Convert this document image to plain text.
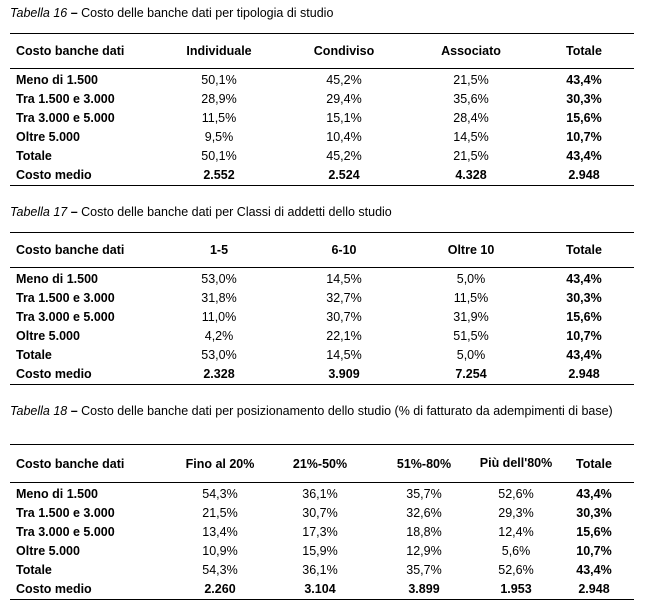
Tabella 16 – Costo delle banche dati per tipologia di studio
Costo banche dati	Individuale	Condiviso	Associato	Totale
Meno di 1.500	50,1%	45,2%	21,5%	43,4%
Tra 1.500 e 3.000	28,9%	29,4%	35,6%	30,3%
Tra 3.000 e 5.000	11,5%	15,1%	28,4%	15,6%
Oltre 5.000	9,5%	10,4%	14,5%	10,7%
Totale	50,1%	45,2%	21,5%	43,4%
Costo medio	2.552	2.524	4.328	2.948
Tabella 17 – Costo delle banche dati per Classi di addetti dello studio
Costo banche dati	1-5	6-10	Oltre 10	Totale
Meno di 1.500	53,0%	14,5%	5,0%	43,4%
Tra 1.500 e 3.000	31,8%	32,7%	11,5%	30,3%
Tra 3.000 e 5.000	11,0%	30,7%	31,9%	15,6%
Oltre 5.000	4,2%	22,1%	51,5%	10,7%
Totale	53,0%	14,5%	5,0%	43,4%
Costo medio	2.328	3.909	7.254	2.948
Tabella 18 – Costo delle banche dati per posizionamento dello studio (% di fatturato da adempimenti di base)
Costo banche dati	Fino al 20%	21%-50%	51%-80%	Più dell'80%	Totale
Meno di 1.500	54,3%	36,1%	35,7%	52,6%	43,4%
Tra 1.500 e 3.000	21,5%	30,7%	32,6%	29,3%	30,3%
Tra 3.000 e 5.000	13,4%	17,3%	18,8%	12,4%	15,6%
Oltre 5.000	10,9%	15,9%	12,9%	5,6%	10,7%
Totale	54,3%	36,1%	35,7%	52,6%	43,4%
Costo medio	2.260	3.104	3.899	1.953	2.948
